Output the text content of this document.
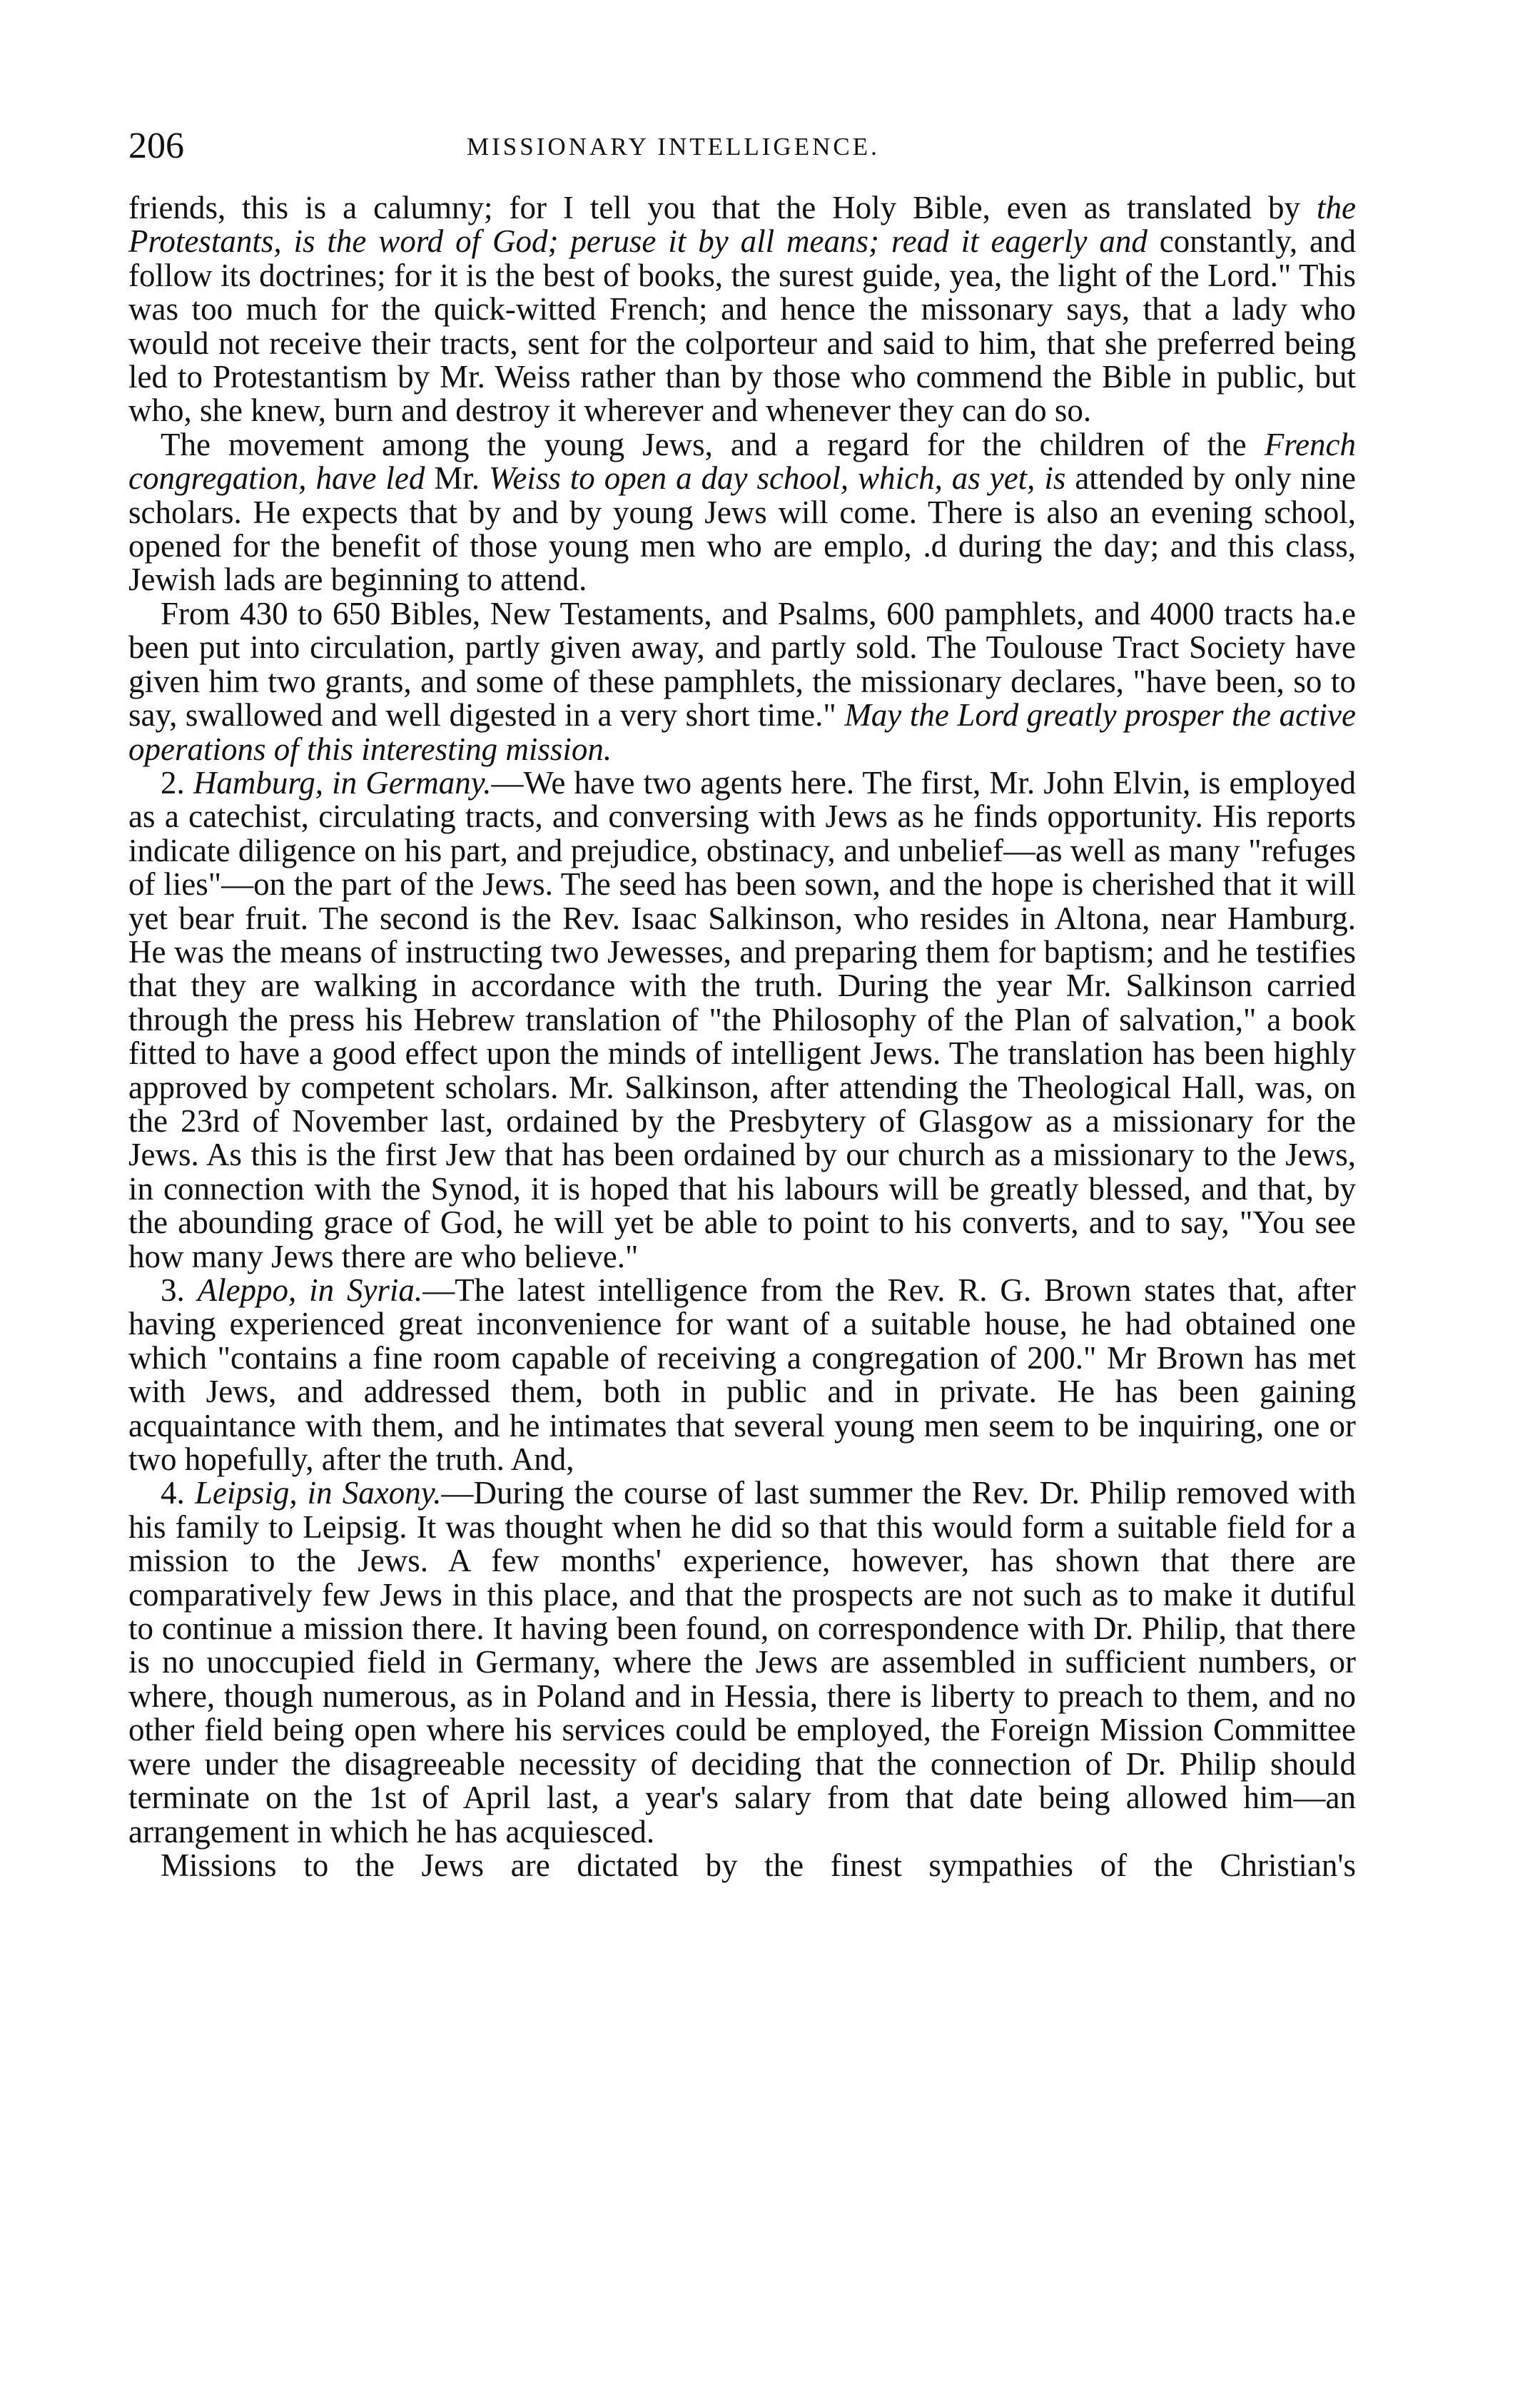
206	MISSIONARY INTELLIGENCE.

friends, this is a calumny; for I tell you that the Holy Bible, even as translated by the Protestants, is the word of God; peruse it by all means; read it eagerly and constantly, and follow its doctrines; for it is the best of books, the surest guide, yea, the light of the Lord." This was too much for the quick-witted French; and hence the missonary says, that a lady who would not receive their tracts, sent for the colporteur and said to him, that she preferred being led to Protestantism by Mr. Weiss rather than by those who commend the Bible in public, but who, she knew, burn and destroy it wherever and whenever they can do so.

The movement among the young Jews, and a regard for the children of the French congregation, have led Mr. Weiss to open a day school, which, as yet, is attended by only nine scholars. He expects that by and by young Jews will come. There is also an evening school, opened for the benefit of those young men who are emplo, .d during the day; and this class, Jewish lads are beginning to attend.

From 430 to 650 Bibles, New Testaments, and Psalms, 600 pamphlets, and 4000 tracts ha.e been put into circulation, partly given away, and partly sold. The Toulouse Tract Society have given him two grants, and some of these pamphlets, the missionary declares, "have been, so to say, swallowed and well digested in a very short time." May the Lord greatly prosper the active operations of this interesting mission.

2. Hamburg, in Germany.—We have two agents here. The first, Mr. John Elvin, is employed as a catechist, circulating tracts, and conversing with Jews as he finds opportunity. His reports indicate diligence on his part, and prejudice, obstinacy, and unbelief—as well as many "refuges of lies"—on the part of the Jews. The seed has been sown, and the hope is cherished that it will yet bear fruit. The second is the Rev. Isaac Salkinson, who resides in Altona, near Hamburg. He was the means of instructing two Jewesses, and preparing them for baptism; and he testifies that they are walking in accordance with the truth. During the year Mr. Salkinson carried through the press his Hebrew translation of "the Philosophy of the Plan of salvation," a book fitted to have a good effect upon the minds of intelligent Jews. The translation has been highly approved by competent scholars. Mr. Salkinson, after attending the Theological Hall, was, on the 23rd of November last, ordained by the Presbytery of Glasgow as a missionary for the Jews. As this is the first Jew that has been ordained by our church as a missionary to the Jews, in connection with the Synod, it is hoped that his labours will be greatly blessed, and that, by the abounding grace of God, he will yet be able to point to his converts, and to say, "You see how many Jews there are who believe."

3. Aleppo, in Syria.—The latest intelligence from the Rev. R. G. Brown states that, after having experienced great inconvenience for want of a suitable house, he had obtained one which "contains a fine room capable of receiving a congregation of 200." Mr Brown has met with Jews, and addressed them, both in public and in private. He has been gaining acquaintance with them, and he intimates that several young men seem to be inquiring, one or two hopefully, after the truth. And,

4. Leipsig, in Saxony.—During the course of last summer the Rev. Dr. Philip removed with his family to Leipsig. It was thought when he did so that this would form a suitable field for a mission to the Jews. A few months' experience, however, has shown that there are comparatively few Jews in this place, and that the prospects are not such as to make it dutiful to continue a mission there. It having been found, on correspondence with Dr. Philip, that there is no unoccupied field in Germany, where the Jews are assembled in sufficient numbers, or where, though numerous, as in Poland and in Hessia, there is liberty to preach to them, and no other field being open where his services could be employed, the Foreign Mission Committee were under the disagreeable necessity of deciding that the connection of Dr. Philip should terminate on the 1st of April last, a year's salary from that date being allowed him—an arrangement in which he has acquiesced.

Missions to the Jews are dictated by the finest sympathies of the Christian's
